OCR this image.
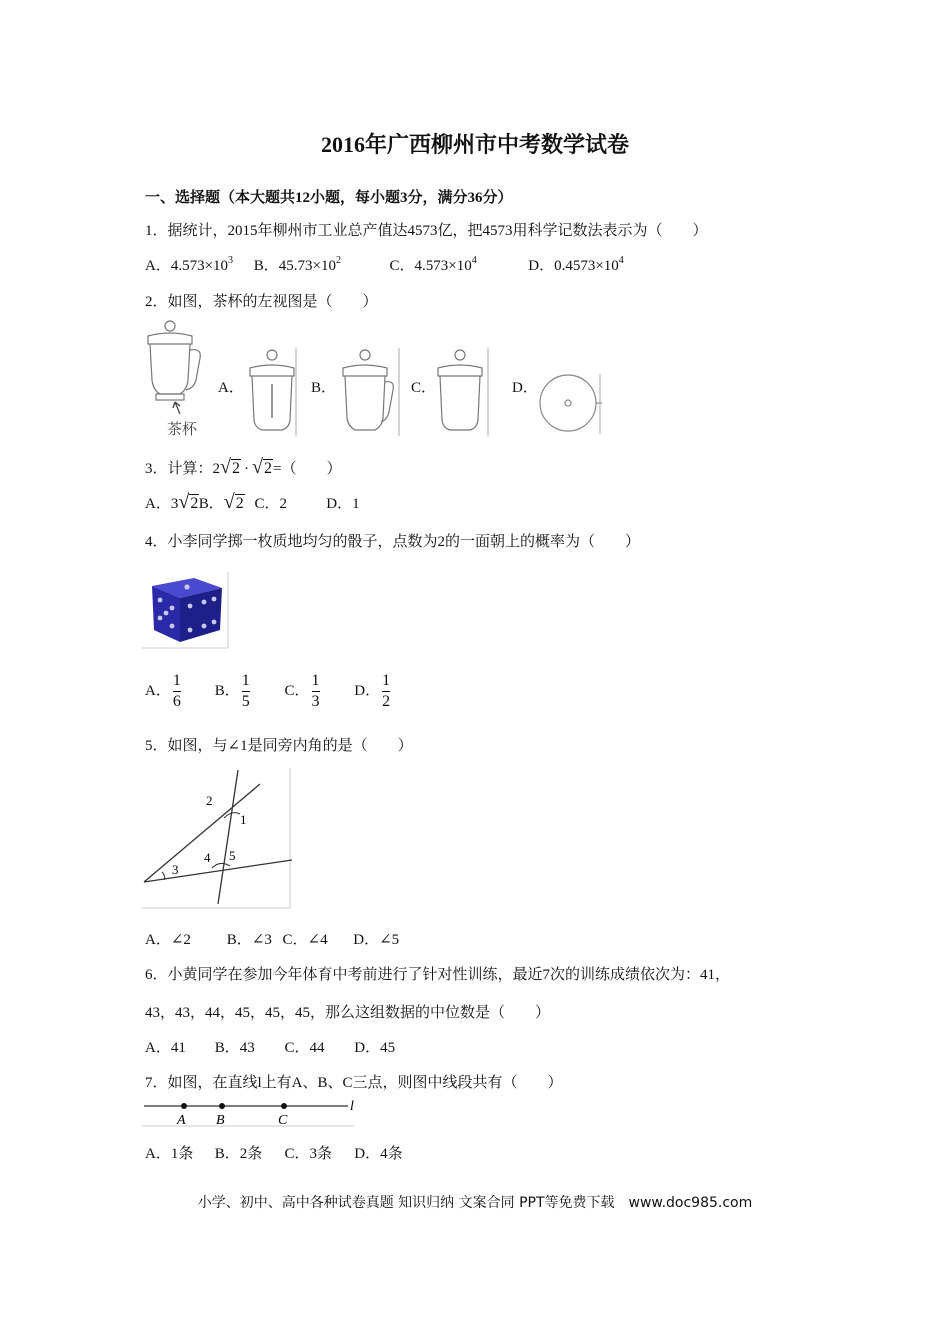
2016年广西柳州市中考数学试卷
一、选择题（本大题共12小题，每小题3分，满分36分）
1．据统计，2015年柳州市工业总产值达4573亿，把4573用科学记数法表示为（　　）
A．$4.573\times 10^3$ B．$45.73\times 10^2$	C．$4.573\times 10^4$	D．$0.4573\times 10^4$
2．如图，茶杯的左视图是（　　）
茶杯
A．	B．	C．	D．
3．计算：2√2 · √2=（　　）
A．3√2 B．√2 C．2	D．1
4．小李同学掷一枚质地均匀的骰子，点数为2的一面朝上的概率为（　　）
A． $\frac{1}{6}$ B． $\frac{1}{5}$ C． $\frac{1}{3}$ D． $\frac{1}{2}$
5．如图，与∠1是同旁内角的是（　　）
2
1
3
4 5
A．∠2 B．∠3 C．∠4 D．∠5
6．小黄同学在参加今年体育中考前进行了针对性训练，最近7次的训练成绩依次为：41，
43，43，44，45，45，45，那么这组数据的中位数是（　　）
A．41 B．43 C．44 D．45
7．如图，在直线l上有A、B、C三点，则图中线段共有（　　）
A B	C
l
A．1条 B．2条 C．3条 D．4条
小学、初中、高中各种试卷真题 知识归纳 文案合同 PPT等免费下载　www.doc985.com
